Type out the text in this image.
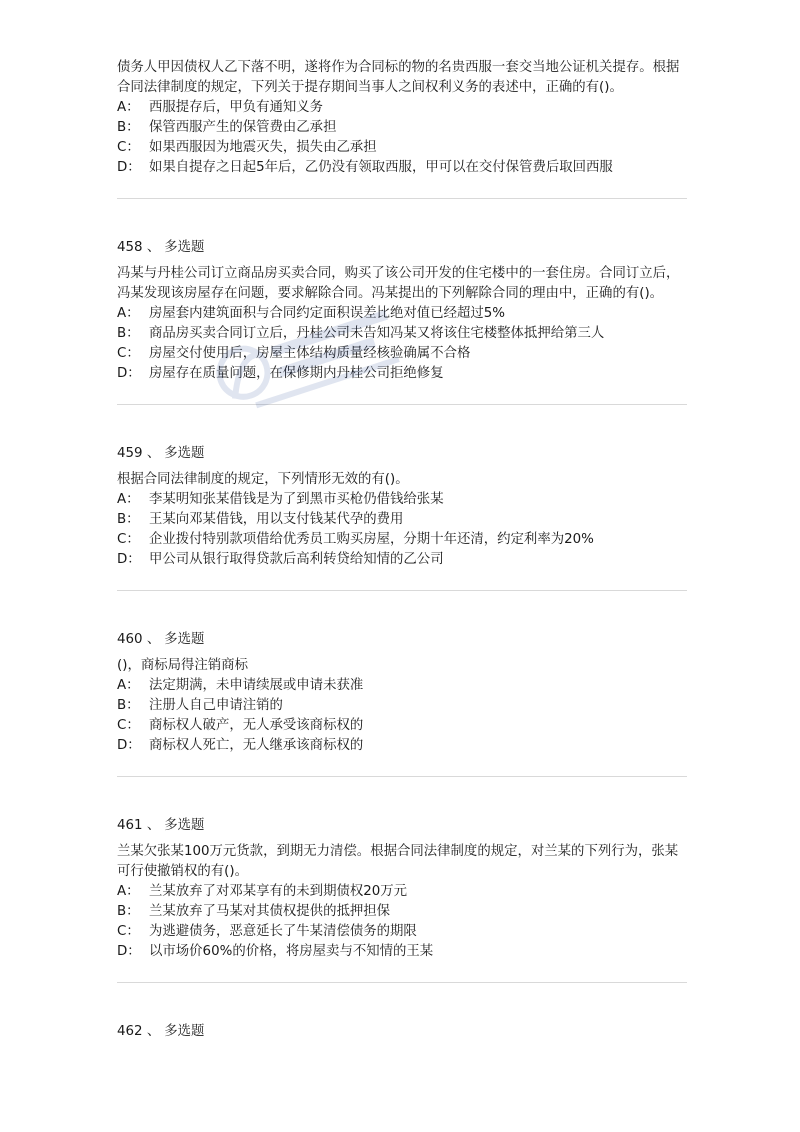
债务人甲因债权人乙下落不明，遂将作为合同标的物的名贵西服一套交当地公证机关提存。根据合同法律制度的规定，下列关于提存期间当事人之间权利义务的表述中，正确的有()。

A： 西服提存后，甲负有通知义务

B： 保管西服产生的保管费由乙承担

C： 如果西服因为地震灭失，损失由乙承担

D： 如果自提存之日起5年后，乙仍没有领取西服，甲可以在交付保管费后取回西服

458 、 多选题

冯某与丹桂公司订立商品房买卖合同，购买了该公司开发的住宅楼中的一套住房。合同订立后，冯某发现该房屋存在问题，要求解除合同。冯某提出的下列解除合同的理由中，正确的有()。

A： 房屋套内建筑面积与合同约定面积误差比绝对值已经超过5%

B： 商品房买卖合同订立后，丹桂公司未告知冯某又将该住宅楼整体抵押给第三人

C： 房屋交付使用后，房屋主体结构质量经核验确属不合格

D： 房屋存在质量问题，在保修期内丹桂公司拒绝修复

459 、 多选题

根据合同法律制度的规定，下列情形无效的有()。

A： 李某明知张某借钱是为了到黑市买枪仍借钱给张某

B： 王某向邓某借钱，用以支付钱某代孕的费用

C： 企业拨付特别款项借给优秀员工购买房屋，分期十年还清，约定利率为20%

D： 甲公司从银行取得贷款后高利转贷给知情的乙公司

460 、 多选题

()，商标局得注销商标

A： 法定期满，未申请续展或申请未获准

B： 注册人自己申请注销的

C： 商标权人破产，无人承受该商标权的

D： 商标权人死亡，无人继承该商标权的

461 、 多选题

兰某欠张某100万元货款，到期无力清偿。根据合同法律制度的规定，对兰某的下列行为，张某可行使撤销权的有()。

A： 兰某放弃了对邓某享有的未到期债权20万元

B： 兰某放弃了马某对其债权提供的抵押担保

C： 为逃避债务，恶意延长了牛某清偿债务的期限

D： 以市场价60%的价格，将房屋卖与不知情的王某

462 、 多选题
